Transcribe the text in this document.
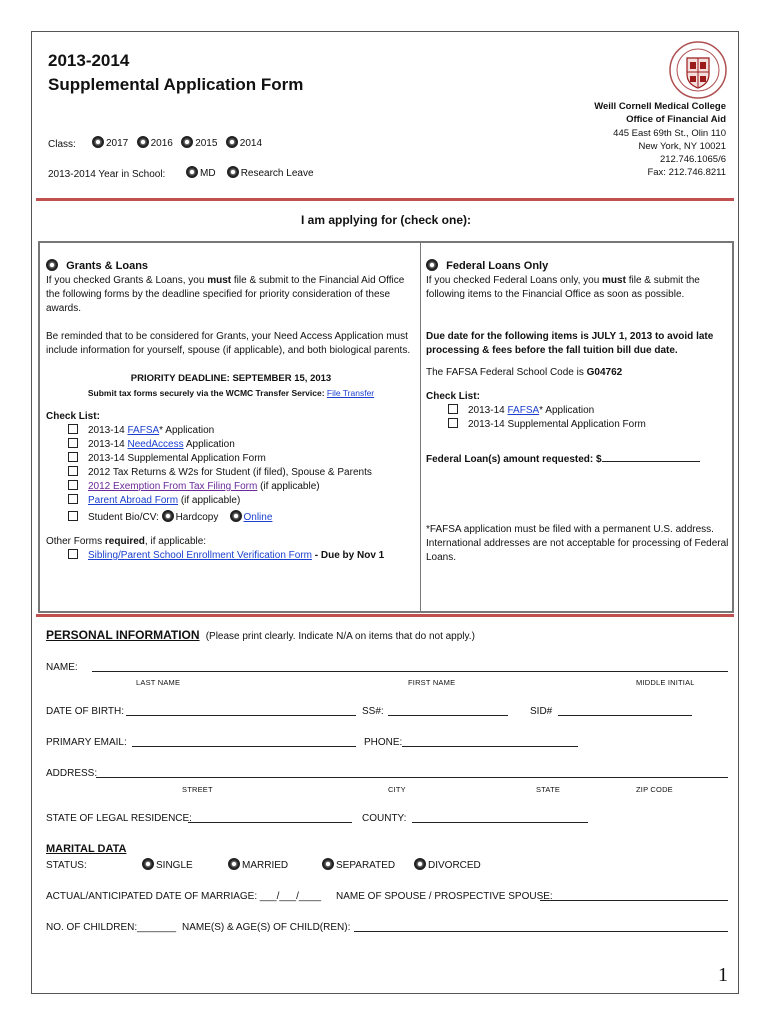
2013-2014
Supplemental Application Form
Class:	2017 2016 2015 2014
2013-2014 Year in School:	MD	Research Leave
Weill Cornell Medical College
Office of Financial Aid
445 East 69th St., Olin 110
New York, NY 10021
212.746.1065/6
Fax: 212.746.8211
I am applying for (check one):
Grants & Loans
If you checked Grants & Loans, you must file & submit to the Financial Aid Office the following forms by the deadline specified for priority consideration of these awards.
Be reminded that to be considered for Grants, your Need Access Application must include information for yourself, spouse (if applicable), and both biological parents.
PRIORITY DEADLINE: SEPTEMBER 15, 2013
Submit tax forms securely via the WCMC Transfer Service: File Transfer
Check List:
2013-14 FAFSA* Application
2013-14 NeedAccess Application
2013-14 Supplemental Application Form
2012 Tax Returns & W2s for Student (if filed), Spouse & Parents
2012 Exemption From Tax Filing Form (if applicable)
Parent Abroad Form (if applicable)
Student Bio/CV: Hardcopy	Online
Other Forms required, if applicable:
Sibling/Parent School Enrollment Verification Form - Due by Nov 1
Federal Loans Only
If you checked Federal Loans only, you must file & submit the following items to the Financial Office as soon as possible.
Due date for the following items is JULY 1, 2013 to avoid late processing & fees before the fall tuition bill due date.
The FAFSA Federal School Code is G04762
Check List:
2013-14 FAFSA* Application
2013-14 Supplemental Application Form
Federal Loan(s) amount requested: $
*FAFSA application must be filed with a permanent U.S. address. International addresses are not acceptable for processing of Federal Loans.
PERSONAL INFORMATION (Please print clearly. Indicate N/A on items that do not apply.)
NAME:
LAST NAME	FIRST NAME	MIDDLE INITIAL
DATE OF BIRTH:	SS#:	SID#
PRIMARY EMAIL:	PHONE:
ADDRESS:
STREET	CITY	STATE	ZIP CODE
STATE OF LEGAL RESIDENCE:	COUNTY:
MARITAL DATA
STATUS:	SINGLE	MARRIED	SEPARATED	DIVORCED
ACTUAL/ANTICIPATED DATE OF MARRIAGE: ___/___/____ NAME OF SPOUSE / PROSPECTIVE SPOUSE:
NO. OF CHILDREN:_______ NAME(S) & AGE(S) OF CHILD(REN):
1
